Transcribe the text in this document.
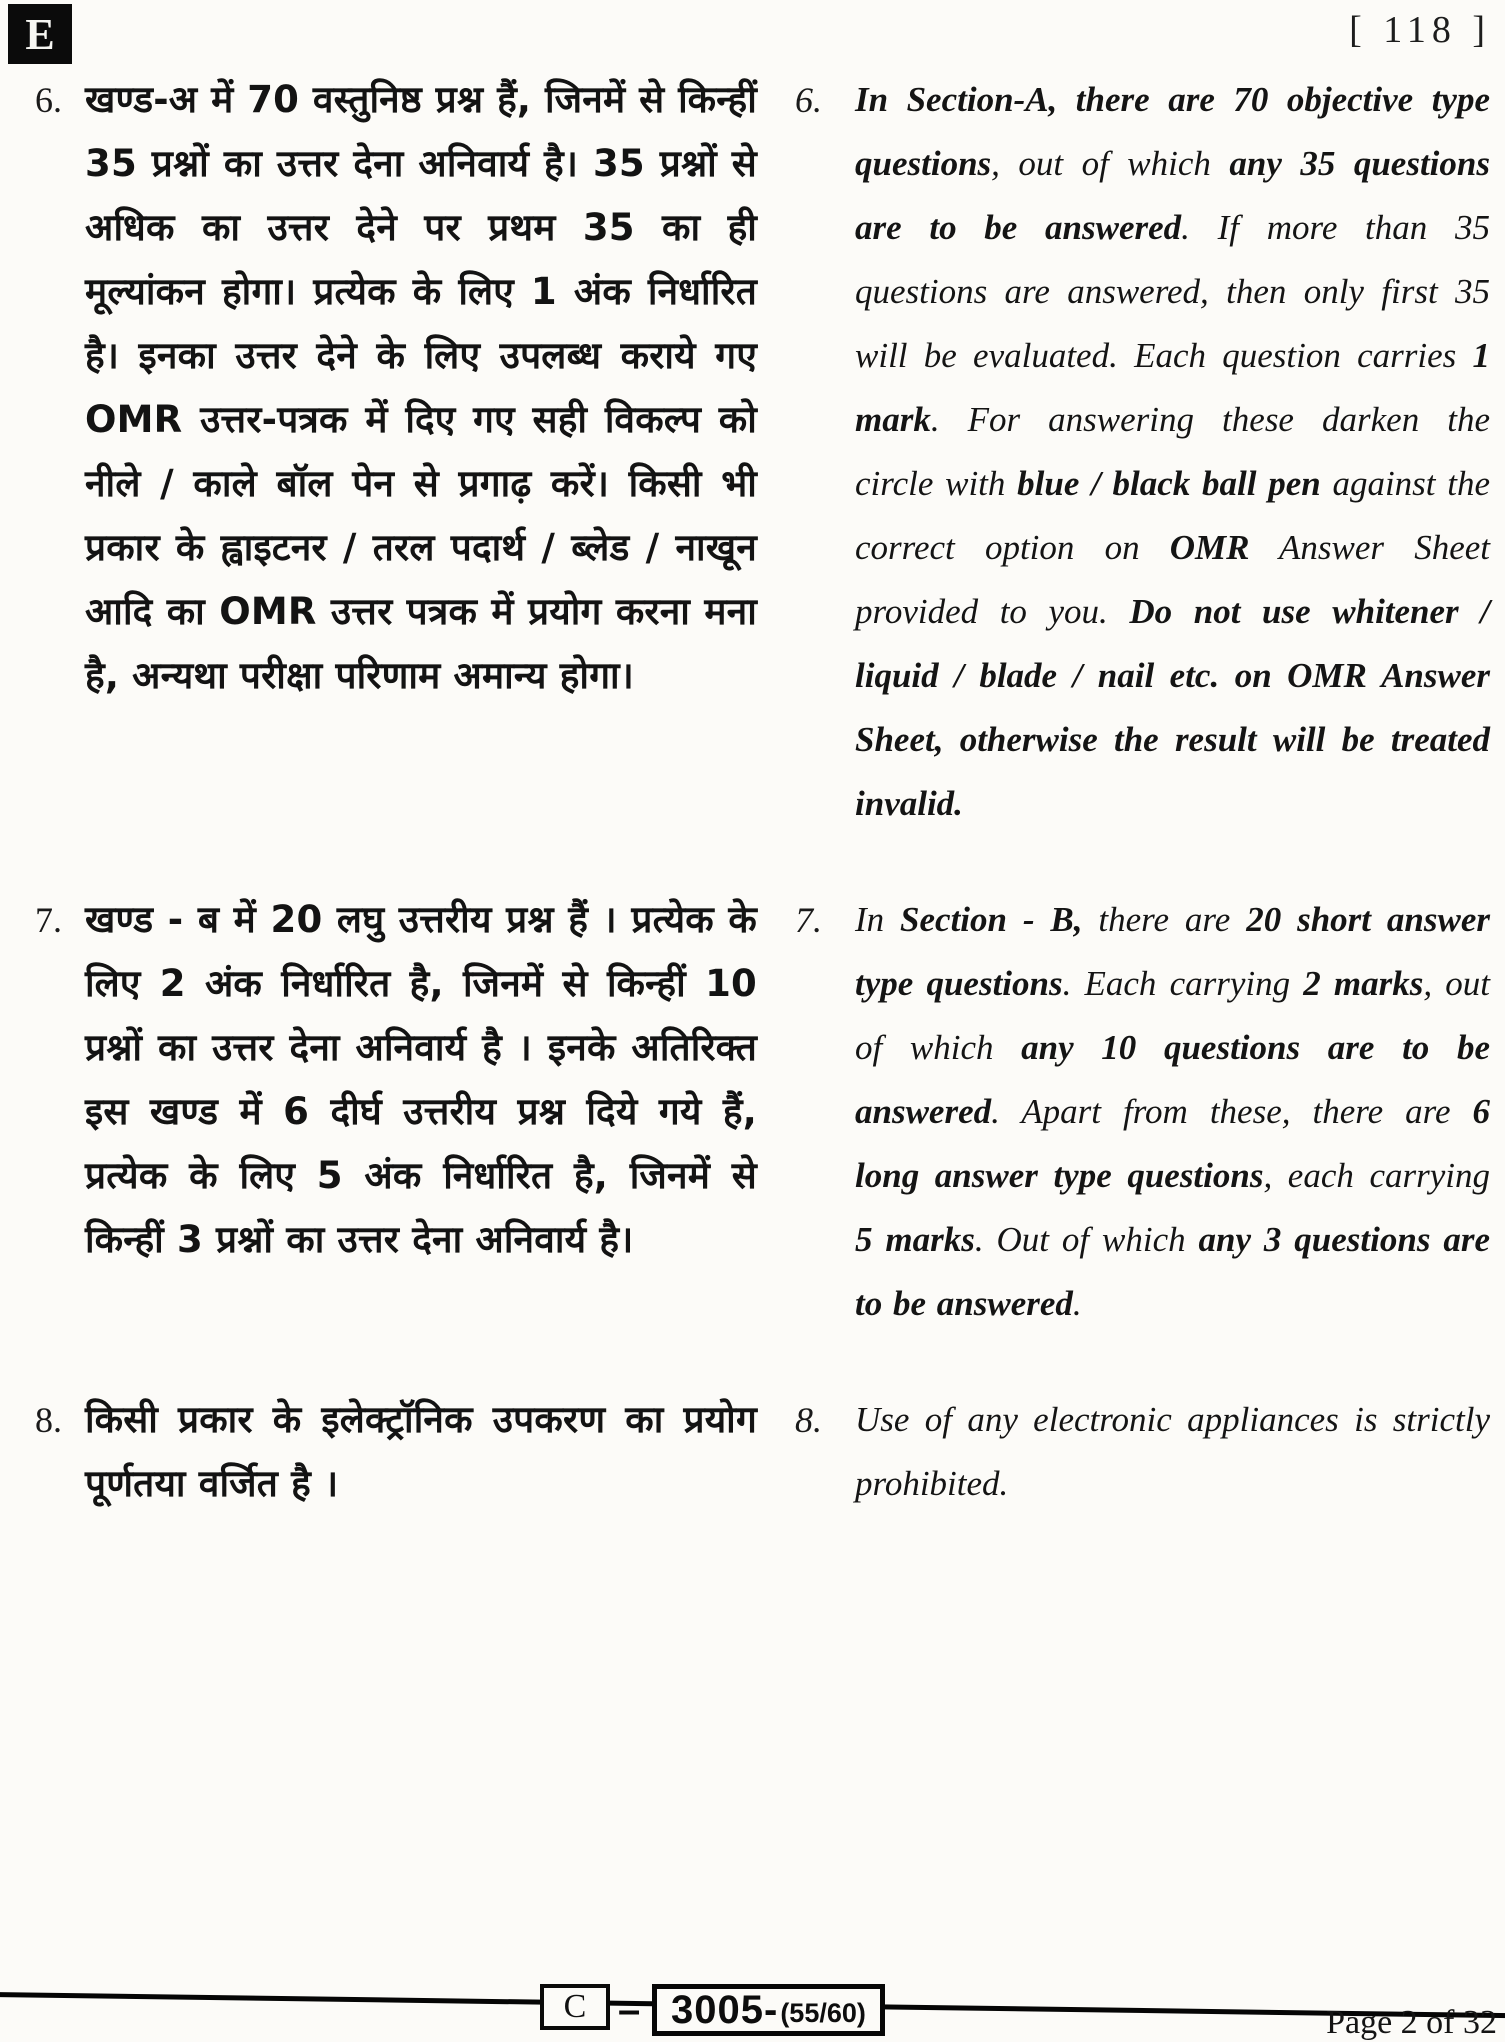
E	[ 118 ]
6. खण्ड-अ में 70 वस्तुनिष्ठ प्रश्न हैं, जिनमें से किन्हीं 35 प्रश्नों का उत्तर देना अनिवार्य है। 35 प्रश्नों से अधिक का उत्तर देने पर प्रथम 35 का ही मूल्यांकन होगा। प्रत्येक के लिए 1 अंक निर्धारित है। इनका उत्तर देने के लिए उपलब्ध कराये गए OMR उत्तर-पत्रक में दिए गए सही विकल्प को नीले / काले बॉल पेन से प्रगाढ़ करें। किसी भी प्रकार के ह्वाइटनर / तरल पदार्थ / ब्लेड / नाखून आदि का OMR उत्तर पत्रक में प्रयोग करना मना है, अन्यथा परीक्षा परिणाम अमान्य होगा।

6. In Section-A, there are 70 objective type questions, out of which any 35 questions are to be answered. If more than 35 questions are answered, then only first 35 will be evaluated. Each question carries 1 mark. For answering these darken the circle with blue / black ball pen against the correct option on OMR Answer Sheet provided to you. Do not use whitener / liquid / blade / nail etc. on OMR Answer Sheet, otherwise the result will be treated invalid.

7. खण्ड - ब में 20 लघु उत्तरीय प्रश्न हैं । प्रत्येक के लिए 2 अंक निर्धारित है, जिनमें से किन्हीं 10 प्रश्नों का उत्तर देना अनिवार्य है । इनके अतिरिक्त इस खण्ड में 6 दीर्घ उत्तरीय प्रश्न दिये गये हैं, प्रत्येक के लिए 5 अंक निर्धारित है, जिनमें से किन्हीं 3 प्रश्नों का उत्तर देना अनिवार्य है।

7. In Section - B, there are 20 short answer type questions. Each carrying 2 marks, out of which any 10 questions are to be answered. Apart from these, there are 6 long answer type questions, each carrying 5 marks. Out of which any 3 questions are to be answered.

8. किसी प्रकार के इलेक्ट्रॉनिक उपकरण का प्रयोग पूर्णतया वर्जित है ।

8. Use of any electronic appliances is strictly prohibited.

C – 3005- (55/60)	Page 2 of 32
